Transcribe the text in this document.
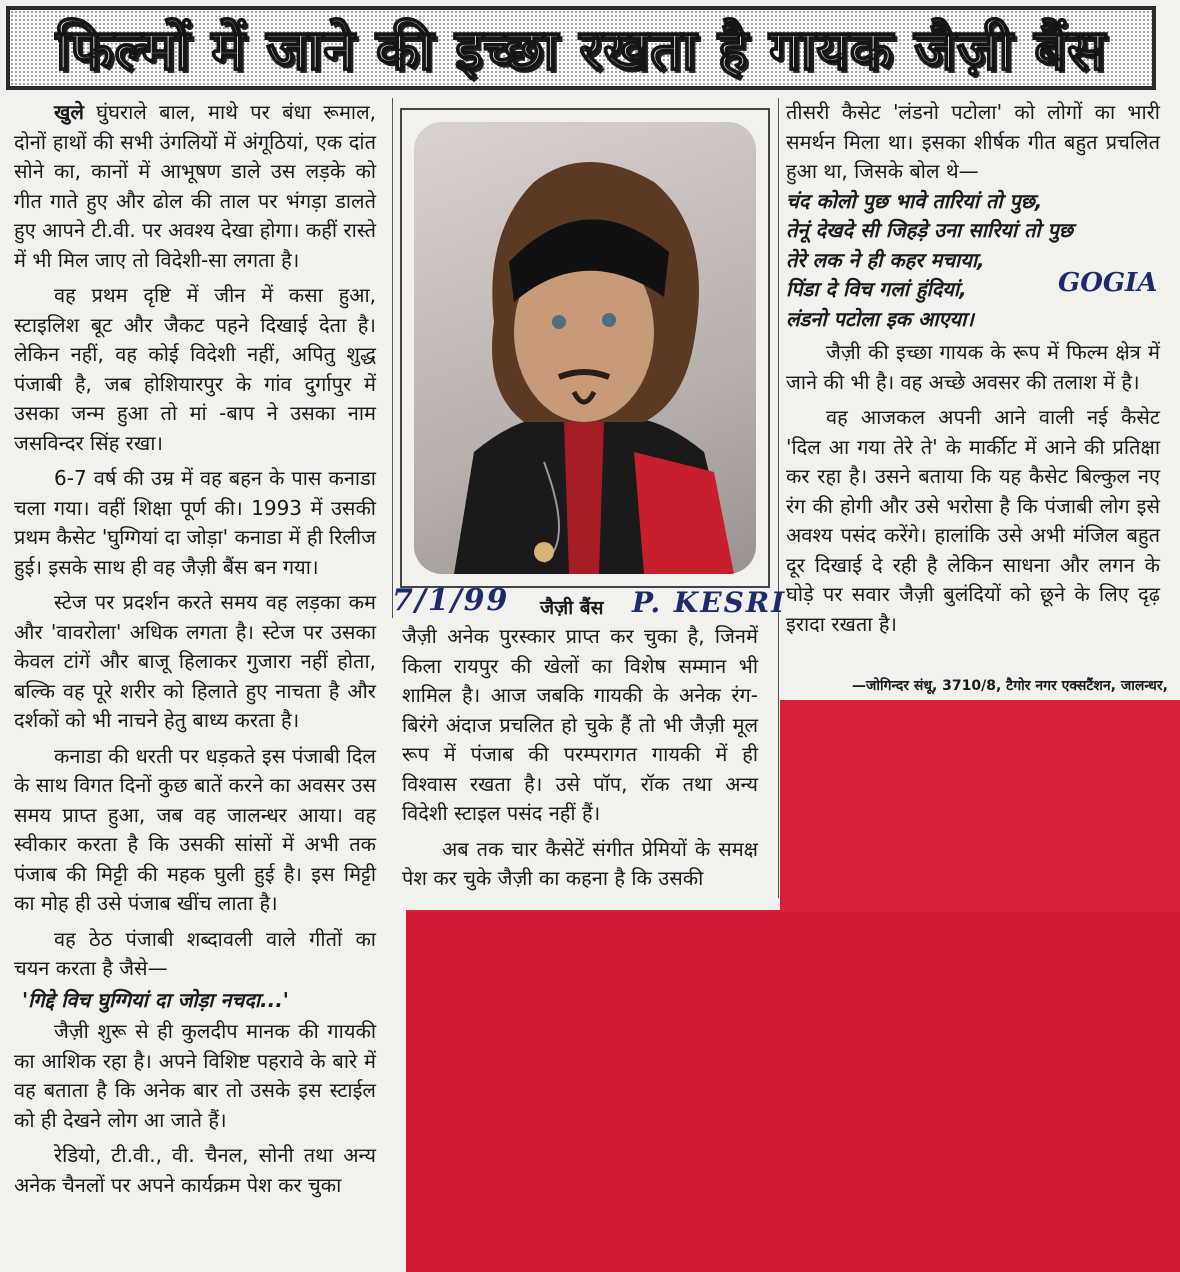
फिल्मों में जाने की इच्छा रखता है गायक जैज़ी बैंस

खुले घुंघराले बाल, माथे पर बंधा रूमाल, दोनों हाथों की सभी उंगलियों में अंगूठियां, एक दांत सोने का, कानों में आभूषण डाले उस लड़के को गीत गाते हुए और ढोल की ताल पर भंगड़ा डालते हुए आपने टी.वी. पर अवश्य देखा होगा। कहीं रास्ते में भी मिल जाए तो विदेशी-सा लगता है।

वह प्रथम दृष्टि में जीन में कसा हुआ, स्टाइलिश बूट और जैकट पहने दिखाई देता है। लेकिन नहीं, वह कोई विदेशी नहीं, अपितु शुद्ध पंजाबी है, जब होशियारपुर के गांव दुर्गापुर में उसका जन्म हुआ तो मां -बाप ने उसका नाम जसविन्दर सिंह रखा।

6-7 वर्ष की उम्र में वह बहन के पास कनाडा चला गया। वहीं शिक्षा पूर्ण की। 1993 में उसकी प्रथम कैसेट 'घुग्गियां दा जोड़ा' कनाडा में ही रिलीज हुई। इसके साथ ही वह जैज़ी बैंस बन गया।

स्टेज पर प्रदर्शन करते समय वह लड़का कम और 'वावरोला' अधिक लगता है। स्टेज पर उसका केवल टांगें और बाजू हिलाकर गुजारा नहीं होता, बल्कि वह पूरे शरीर को हिलाते हुए नाचता है और दर्शकों को भी नाचने हेतु बाध्य करता है।

कनाडा की धरती पर धड़कते इस पंजाबी दिल के साथ विगत दिनों कुछ बातें करने का अवसर उस समय प्राप्त हुआ, जब वह जालन्धर आया। वह स्वीकार करता है कि उसकी सांसों में अभी तक पंजाब की मिट्टी की महक घुली हुई है। इस मिट्टी का मोह ही उसे पंजाब खींच लाता है।

वह ठेठ पंजाबी शब्दावली वाले गीतों का चयन करता है जैसे—

'गिद्दे विच घुग्गियां दा जोड़ा नचदा...'

जैज़ी शुरू से ही कुलदीप मानक की गायकी का आशिक रहा है। अपने विशिष्ट पहरावे के बारे में वह बताता है कि अनेक बार तो उसके इस स्टाईल को ही देखने लोग आ जाते हैं।

रेडियो, टी.वी., वी. चैनल, सोनी तथा अन्य अनेक चैनलों पर अपने कार्यक्रम पेश कर चुका

जैज़ी बैंस
7/1/99	P. KESRI
GOGIA

जैज़ी अनेक पुरस्कार प्राप्त कर चुका है, जिनमें किला रायपुर की खेलों का विशेष सम्मान भी शामिल है। आज जबकि गायकी के अनेक रंग-बिरंगे अंदाज प्रचलित हो चुके हैं तो भी जैज़ी मूल रूप में पंजाब की परम्परागत गायकी में ही विश्वास रखता है। उसे पॉप, रॉक तथा अन्य विदेशी स्टाइल पसंद नहीं हैं।

अब तक चार कैसेटें संगीत प्रेमियों के समक्ष पेश कर चुके जैज़ी का कहना है कि उसकी

तीसरी कैसेट 'लंडनो पटोला' को लोगों का भारी समर्थन मिला था। इसका शीर्षक गीत बहुत प्रचलित हुआ था, जिसके बोल थे—

चंद कोलो पुछ भावे तारियां तो पुछ,
तेनूं देखदे सी जिहड़े उना सारियां तो पुछ
तेरे लक ने ही कहर मचाया,
पिंडा दे विच गलां हुंदियां,
लंडनो पटोला इक आएया।

जैज़ी की इच्छा गायक के रूप में फिल्म क्षेत्र में जाने की भी है। वह अच्छे अवसर की तलाश में है।

वह आजकल अपनी आने वाली नई कैसेट 'दिल आ गया तेरे ते' के मार्कीट में आने की प्रतिक्षा कर रहा है। उसने बताया कि यह कैसेट बिल्कुल नए रंग की होगी और उसे भरोसा है कि पंजाबी लोग इसे अवश्य पसंद करेंगे। हालांकि उसे अभी मंजिल बहुत दूर दिखाई दे रही है लेकिन साधना और लगन के घोड़े पर सवार जैज़ी बुलंदियों को छूने के लिए दृढ़ इरादा रखता है।

—जोगिन्दर संधू, 3710/8, टैगोर नगर एक्सटैंशन, जालन्धर,
